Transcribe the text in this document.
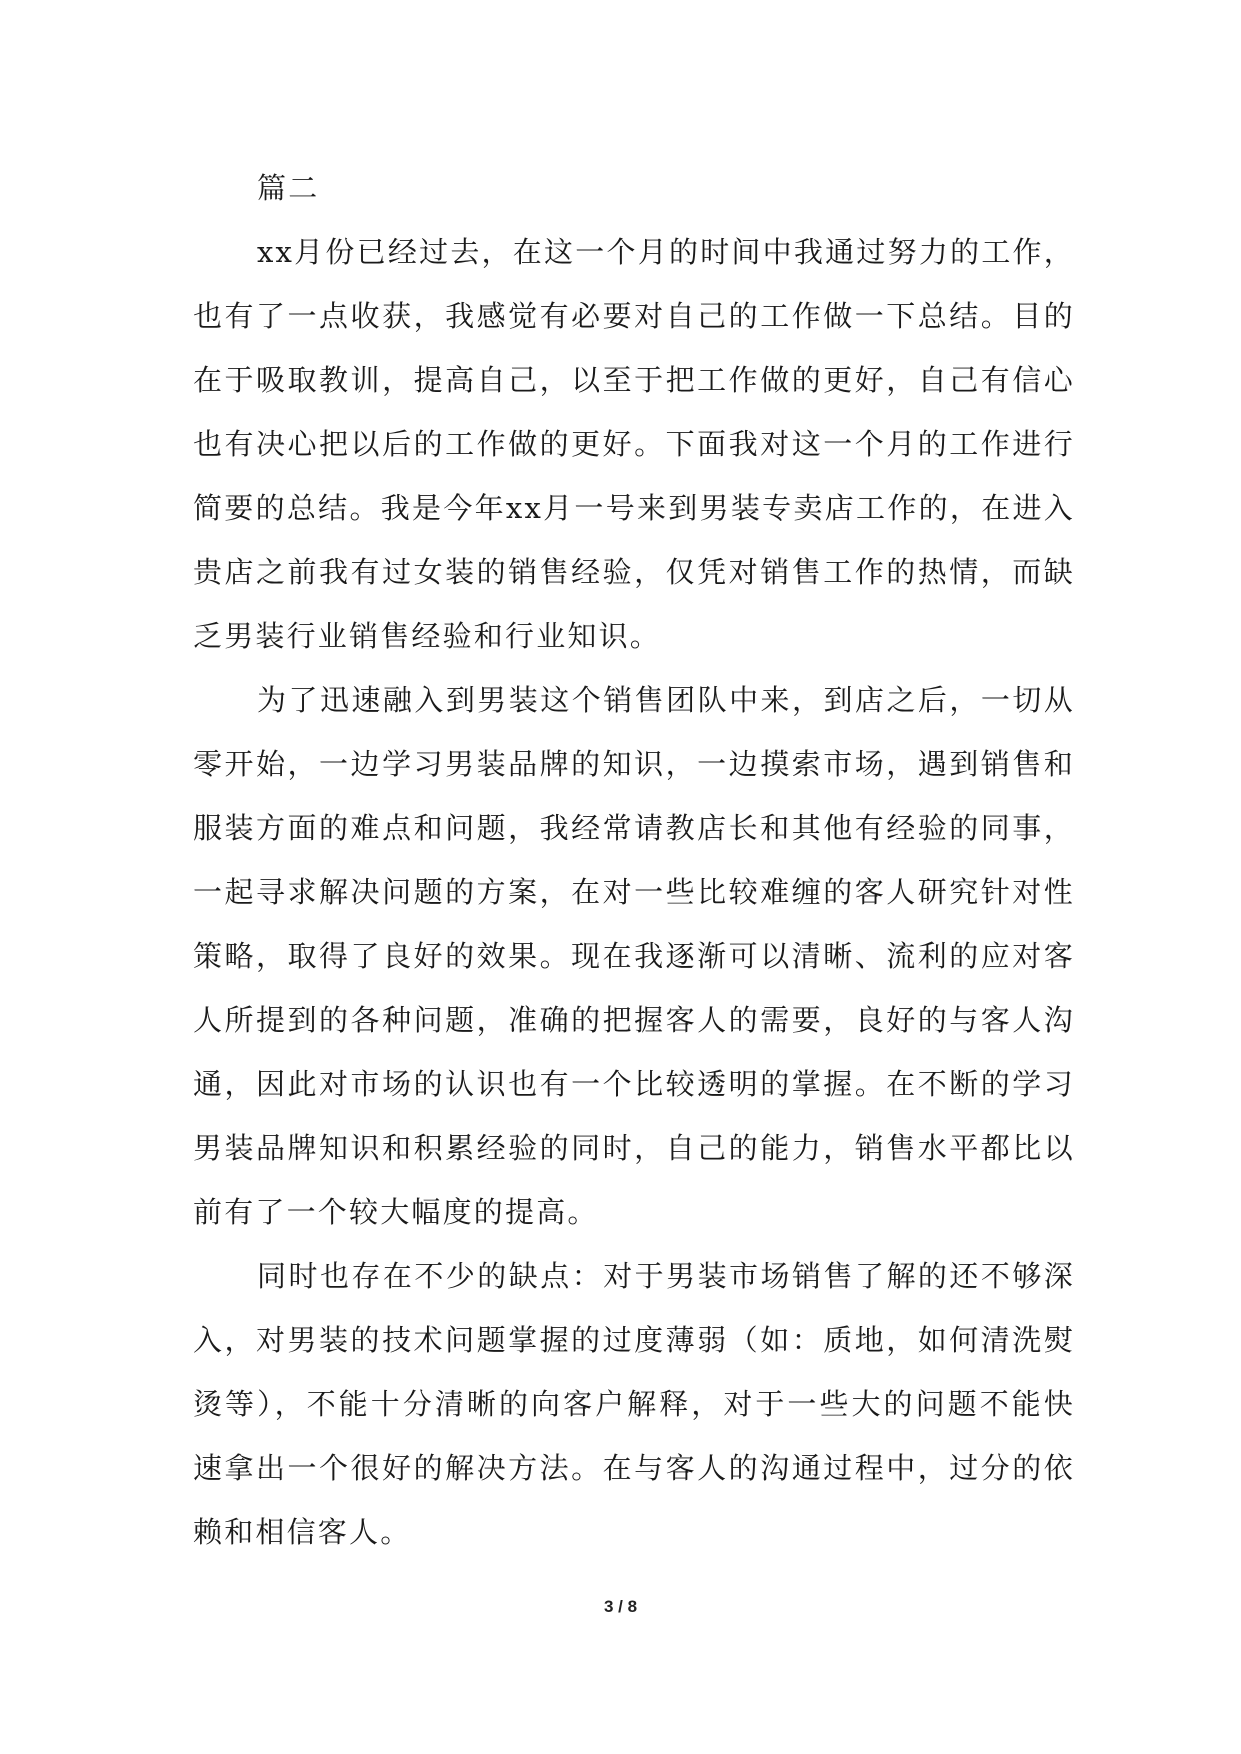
篇二

xx月份已经过去，在这一个月的时间中我通过努力的工作，也有了一点收获，我感觉有必要对自己的工作做一下总结。目的在于吸取教训，提高自己，以至于把工作做的更好，自己有信心也有决心把以后的工作做的更好。下面我对这一个月的工作进行简要的总结。我是今年xx月一号来到男装专卖店工作的，在进入贵店之前我有过女装的销售经验，仅凭对销售工作的热情，而缺乏男装行业销售经验和行业知识。

为了迅速融入到男装这个销售团队中来，到店之后，一切从零开始，一边学习男装品牌的知识，一边摸索市场，遇到销售和服装方面的难点和问题，我经常请教店长和其他有经验的同事，一起寻求解决问题的方案，在对一些比较难缠的客人研究针对性策略，取得了良好的效果。现在我逐渐可以清晰、流利的应对客人所提到的各种问题，准确的把握客人的需要，良好的与客人沟通，因此对市场的认识也有一个比较透明的掌握。在不断的学习男装品牌知识和积累经验的同时，自己的能力，销售水平都比以前有了一个较大幅度的提高。

同时也存在不少的缺点：对于男装市场销售了解的还不够深入，对男装的技术问题掌握的过度薄弱（如：质地，如何清洗熨烫等），不能十分清晰的向客户解释，对于一些大的问题不能快速拿出一个很好的解决方法。在与客人的沟通过程中，过分的依赖和相信客人。

3 / 8
